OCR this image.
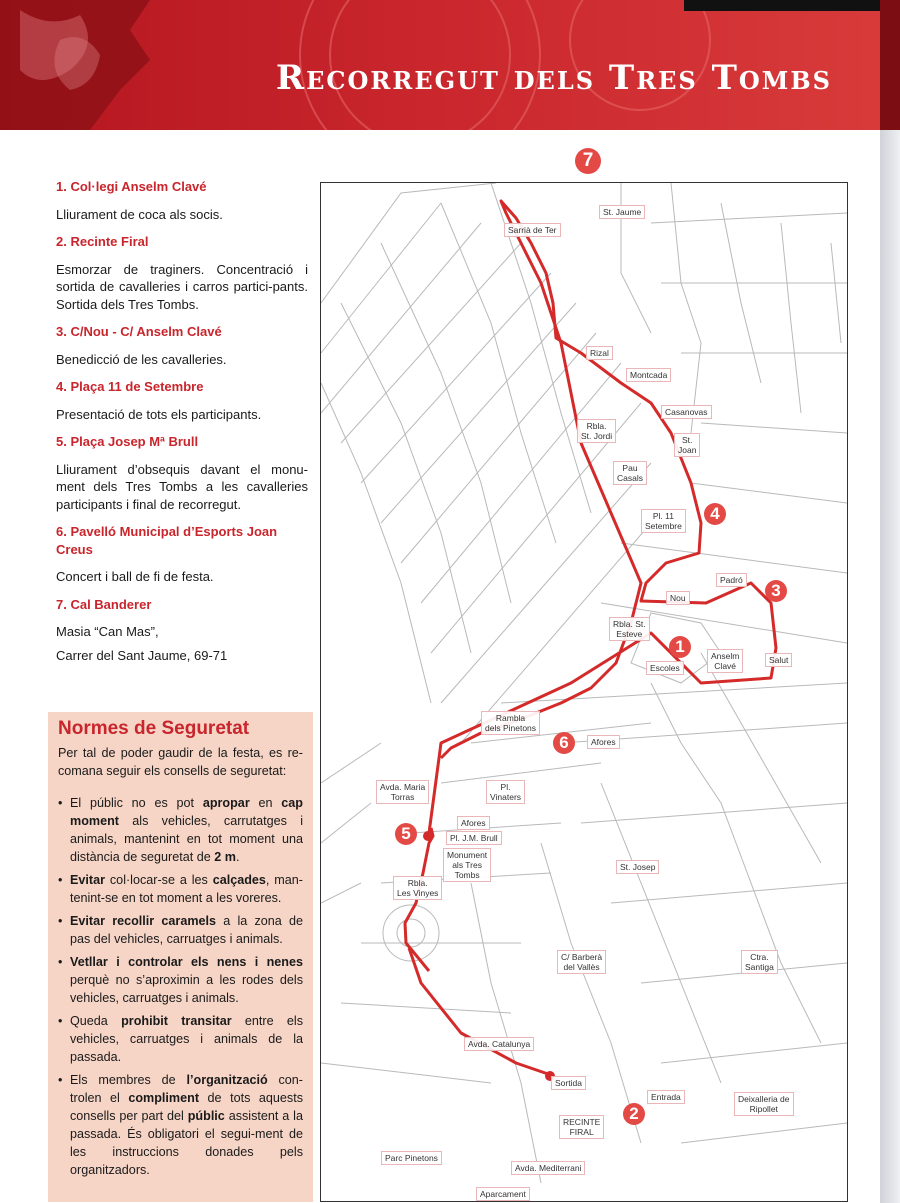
Recorregut dels Tres Tombs
1. Col·legi Anselm Clavé
Lliurament de coca als socis.
2. Recinte Firal
Esmorzar de traginers. Concentració i sortida de cavalleries i carros partici-pants. Sortida dels Tres Tombs.
3. C/Nou - C/ Anselm Clavé
Benedicció de les cavalleries.
4. Plaça 11 de Setembre
Presentació de tots els participants.
5. Plaça Josep Mª Brull
Lliurament d’obsequis davant el monu-ment dels Tres Tombs a les cavalleries participants i final de recorregut.
6. Pavelló Municipal d’Esports Joan Creus
Concert i ball de fi de festa.
7. Cal Banderer
Masia “Can Mas”,
Carrer del Sant Jaume, 69-71
Normes de Seguretat
Per tal de poder gaudir de la festa, es re-comana seguir els consells de seguretat:
• El públic no es pot apropar en cap moment als vehicles, carrutatges i animals, mantenint en tot moment una distància de seguretat de 2 m.
• Evitar col·locar-se a les calçades, man-tenint-se en tot moment a les voreres.
• Evitar recollir caramels a la zona de pas del vehicles, carruatges i animals.
• Vetllar i controlar els nens i nenes perquè no s’aproximin a les rodes dels vehicles, carruatges i animals.
• Queda prohibit transitar entre els vehicles, carruatges i animals de la passada.
• Els membres de l’organització con-trolen el compliment de tots aquests consells per part del públic assistent a la passada. És obligatori el segui-ment de les instruccions donades pels organitzadors.
St. Jaume
Sarrià de Ter
Rizal
Montcada
Casanovas
St.
Joan
Rbla.
St. Jordi
Pau
Casals
Pl. 11
Setembre
Padró
Nou
Rbla. St.
Esteve
Escoles
Anselm
Clavé
Salut
Rambla
dels Pinetons
Afores
Avda. Maria
Torras
Pl.
Vinaters
Afores
Pl. J.M. Brull
Monument
als Tres
Tombs
St. Josep
Rbla.
Les Vinyes
C/ Barberà
del Vallès
Ctra.
Santiga
Avda. Catalunya
Sortida
Entrada	Deixalleria de
Ripollet
RECINTE
FIRAL
Parc Pinetons
Avda. Mediterrani
Aparcament
1
2
3
4
5
6
7
